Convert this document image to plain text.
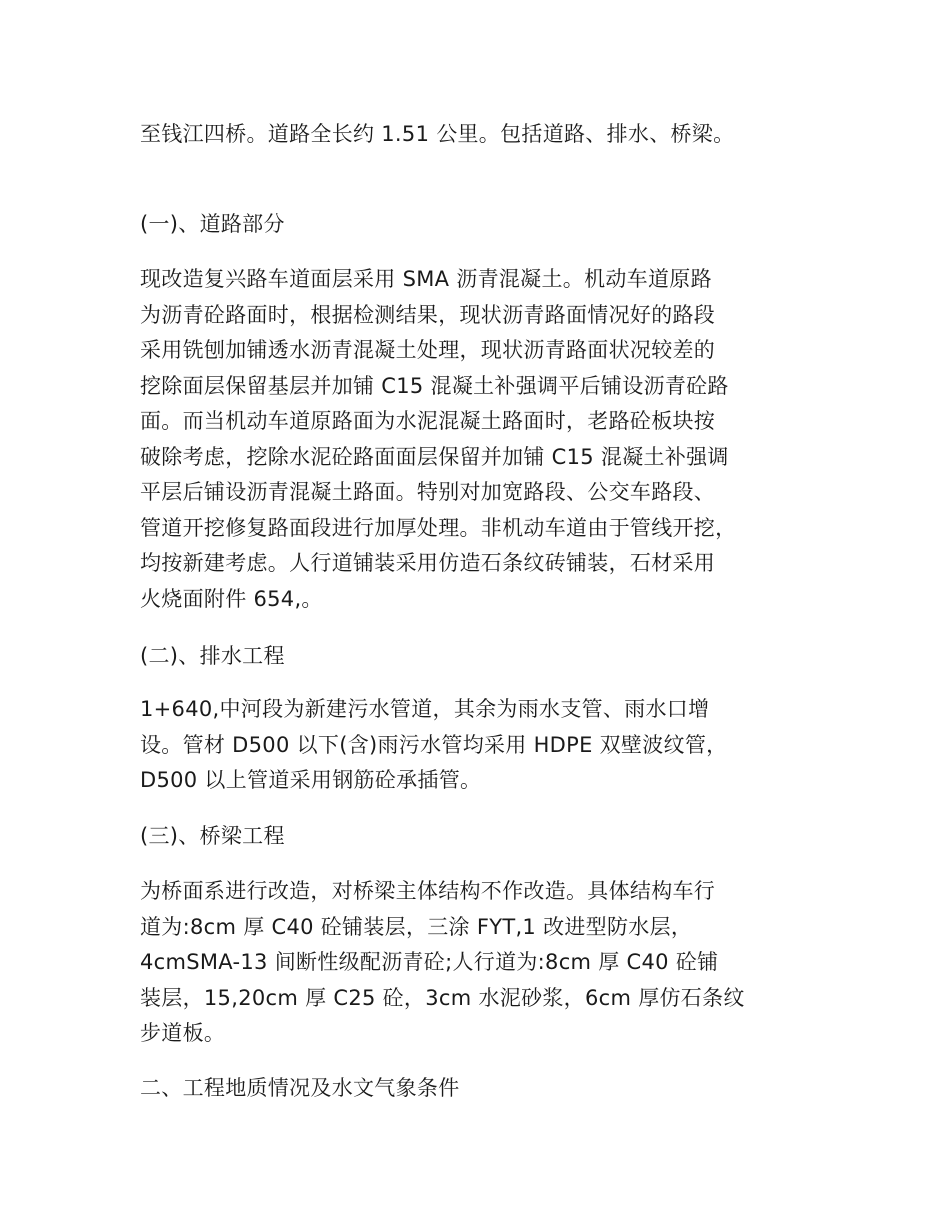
至钱江四桥。道路全长约 1.51 公里。包括道路、排水、桥梁。

(一)、道路部分

现改造复兴路车道面层采用 SMA 沥青混凝土。机动车道原路
为沥青砼路面时，根据检测结果，现状沥青路面情况好的路段
采用铣刨加铺透水沥青混凝土处理，现状沥青路面状况较差的
挖除面层保留基层并加铺 C15 混凝土补强调平后铺设沥青砼路
面。而当机动车道原路面为水泥混凝土路面时，老路砼板块按
破除考虑，挖除水泥砼路面面层保留并加铺 C15 混凝土补强调
平层后铺设沥青混凝土路面。特别对加宽路段、公交车路段、
管道开挖修复路面段进行加厚处理。非机动车道由于管线开挖，
均按新建考虑。人行道铺装采用仿造石条纹砖铺装，石材采用
火烧面附件 654,。

(二)、排水工程

1+640,中河段为新建污水管道，其余为雨水支管、雨水口增
设。管材 D500 以下(含)雨污水管均采用 HDPE 双壁波纹管，
D500 以上管道采用钢筋砼承插管。

(三)、桥梁工程

为桥面系进行改造，对桥梁主体结构不作改造。具体结构车行
道为:8cm 厚 C40 砼铺装层，三涂 FYT,1 改进型防水层，
4cmSMA-13 间断性级配沥青砼;人行道为:8cm 厚 C40 砼铺
装层，15,20cm 厚 C25 砼，3cm 水泥砂浆，6cm 厚仿石条纹
步道板。

二、工程地质情况及水文气象条件
